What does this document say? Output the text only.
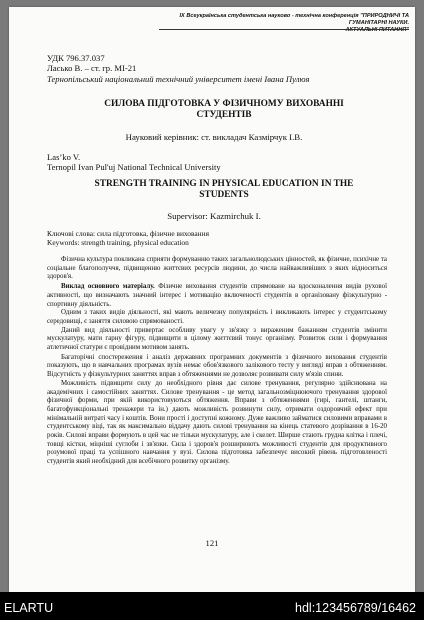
IX Всеукраїнська студентська науково - технічна конференція "ПРИРОДНИЧІ ТА ГУМАНІТАРНІ НАУКИ.
АКТУАЛЬНІ ПИТАННЯ"
УДК 796.37.037
Ласько В. – ст. гр. МІ-21
Тернопільський національний технічний університет імені Івана Пулюя
СИЛОВА ПІДГОТОВКА У ФІЗИЧНОМУ ВИХОВАННІ
СТУДЕНТІВ
Науковий керівник: ст. викладач Казмірчук І.В.
Las’ko V.
Ternopil Ivan Pul'uj National Technical University
STRENGTH TRAINING IN PHYSICAL EDUCATION IN THE
STUDENTS
Supervisor: Kazmirchuk I.
Ключові слова: сила підготовка, фізичне виховання
Keywords: strength training, physical education

Фізична культура покликана сприяти формуванню таких загальнолюдських цінностей, як фізичне, психічне та соціальне благополуччя, підвищенню життєвих ресурсів людини, до числа найважливіших з яких відноситься здоров'я.

Виклад основного матеріалу. Фізичне виховання студентів спрямоване на вдосконалення видів рухової активності, що визначають значний інтерес і мотивацію включеності студентів в організовану фізкультурно - спортивну діяльність.

Одним з таких видів діяльності, які мають величезну популярність і викликають інтерес у студентському середовищі, є заняття силовою спрямованості.

Даний вид діяльності привертає особливу увагу у зв'язку з вираженим бажанням студентів змінити мускулатуру, мати гарну фігуру, підвищити в цілому життєвий тонус організму. Розвиток сили і формування атлетичної статури є провідним мотивом занять.

Багаторічні спостереження і аналіз державних програмних документів з фізичного виховання студентів показують, що в навчальних програмах вузів немає обов'язкового залікового тесту у вигляді вправ з обтяженням. Відсутність у фізкультурних заняттях вправ з обтяженнями не дозволяє розвивати силу м'язів спини.

Можливість підвищити силу до необхідного рівня дає силове тренування, регулярно здійснювана на академічних і самостійних заняттях. Силове тренування - це метод загальнозміцнюючого тренування здорової фізичної форми, при якій використовуються обтяження. Вправи з обтяженнями (гирі, гантелі, штанги, багатофункціональні тренажери та ін.) дають можливість розвинути силу, отримати оздоровчий ефект при мінімальній витраті часу і коштів. Вони прості і доступні кожному. Дуже важливо займатися силовими вправами в студентському віці, так як максимально віддачу дають силові тренування на кінець статевого дозрівання в 16-20 років. Силові вправи формують в цей час не тільки мускулатуру, але і скелет. Ширше стають грудна клітка і плечі, товщі кістки, міцніші суглоби і зв'язки. Сила і здоров'я розширюють можливості студентів для продуктивного розумової праці та успішного навчання у вузі. Силова підготовка забезпечує високий рівень підготовленості студентів який необхідний для всебічного розвитку організму.

121
ELARTU	hdl:123456789/16462
